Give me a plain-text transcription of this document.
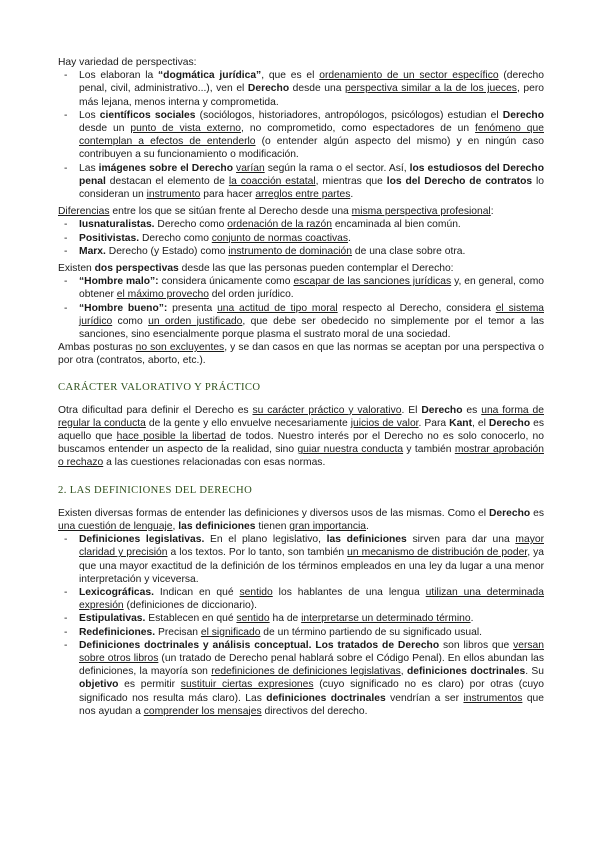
Hay variedad de perspectivas:

- Los elaboran la “dogmática jurídica”, que es el ordenamiento de un sector específico (derecho penal, civil, administrativo...), ven el Derecho desde una perspectiva similar a la de los jueces, pero más lejana, menos interna y comprometida.
- Los científicos sociales (sociólogos, historiadores, antropólogos, psicólogos) estudian el Derecho desde un punto de vista externo, no comprometido, como espectadores de un fenómeno que contemplan a efectos de entenderlo (o entender algún aspecto del mismo) y en ningún caso contribuyen a su funcionamiento o modificación.
- Las imágenes sobre el Derecho varían según la rama o el sector. Así, los estudiosos del Derecho penal destacan el elemento de la coacción estatal, mientras que los del Derecho de contratos lo consideran un instrumento para hacer arreglos entre partes.

Diferencias entre los que se sitúan frente al Derecho desde una misma perspectiva profesional:

- Iusnaturalistas. Derecho como ordenación de la razón encaminada al bien común.
- Positivistas. Derecho como conjunto de normas coactivas.
- Marx. Derecho (y Estado) como instrumento de dominación de una clase sobre otra.

Existen dos perspectivas desde las que las personas pueden contemplar el Derecho:

- “Hombre malo”: considera únicamente como escapar de las sanciones jurídicas y, en general, como obtener el máximo provecho del orden jurídico.
- “Hombre bueno”: presenta una actitud de tipo moral respecto al Derecho, considera el sistema jurídico como un orden justificado, que debe ser obedecido no simplemente por el temor a las sanciones, sino esencialmente porque plasma el sustrato moral de una sociedad.

Ambas posturas no son excluyentes, y se dan casos en que las normas se aceptan por una perspectiva o por otra (contratos, aborto, etc.).

CARÁCTER VALORATIVO Y PRÁCTICO

Otra dificultad para definir el Derecho es su carácter práctico y valorativo. El Derecho es una forma de regular la conducta de la gente y ello envuelve necesariamente juicios de valor. Para Kant, el Derecho es aquello que hace posible la libertad de todos. Nuestro interés por el Derecho no es solo conocerlo, no buscamos entender un aspecto de la realidad, sino guiar nuestra conducta y también mostrar aprobación o rechazo a las cuestiones relacionadas con esas normas.

2. LAS DEFINICIONES DEL DERECHO

Existen diversas formas de entender las definiciones y diversos usos de las mismas. Como el Derecho es una cuestión de lenguaje, las definiciones tienen gran importancia.

- Definiciones legislativas. En el plano legislativo, las definiciones sirven para dar una mayor claridad y precisión a los textos. Por lo tanto, son también un mecanismo de distribución de poder, ya que una mayor exactitud de la definición de los términos empleados en una ley da lugar a una menor interpretación y viceversa.
- Lexicográficas. Indican en qué sentido los hablantes de una lengua utilizan una determinada expresión (definiciones de diccionario).
- Estipulativas. Establecen en qué sentido ha de interpretarse un determinado término.
- Redefiniciones. Precisan el significado de un término partiendo de su significado usual.
- Definiciones doctrinales y análisis conceptual. Los tratados de Derecho son libros que versan sobre otros libros (un tratado de Derecho penal hablará sobre el Código Penal). En ellos abundan las definiciones, la mayoría son redefiniciones de definiciones legislativas, definiciones doctrinales. Su objetivo es permitir sustituir ciertas expresiones (cuyo significado no es claro) por otras (cuyo significado nos resulta más claro). Las definiciones doctrinales vendrían a ser instrumentos que nos ayudan a comprender los mensajes directivos del derecho.
